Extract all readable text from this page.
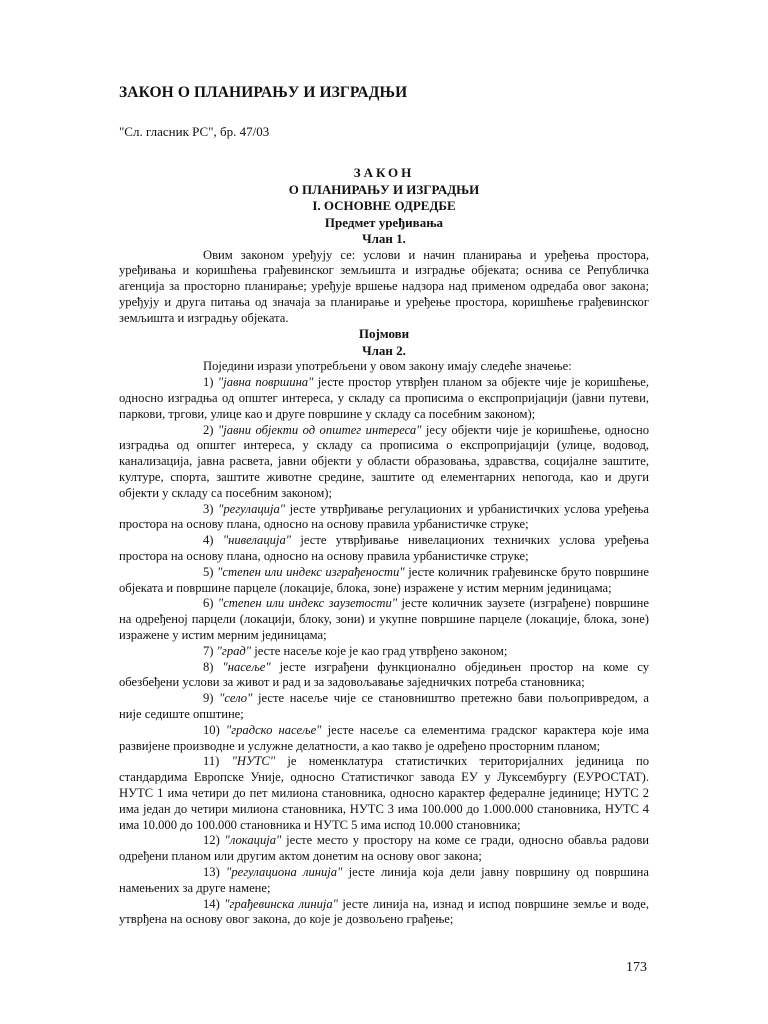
ЗАКОН О ПЛАНИРАЊУ И ИЗГРАДЊИ
"Сл. гласник РС", бр. 47/03
ЗАКОН
О ПЛАНИРАЊУ И ИЗГРАДЊИ
I. ОСНОВНЕ ОДРЕДБЕ
Предмет уређивања
Члан 1.

Овим законом уређују се: услови и начин планирања и уређења простора, уређивања и коришћења грађевинског земљишта и изградње објеката; оснива се Републичка агенција за просторно планирање; уређује вршење надзора над применом одредаба овог закона; уређују и друга питања од значаја за планирање и уређење простора, коришћење грађевинског земљишта и изградњу објеката.

Појмови
Члан 2.

Поједини изрази употребљени у овом закону имају следеће значење:

1) "јавна површина" јесте простор утврђен планом за објекте чије је коришћење, односно изградња од општег интереса, у складу са прописима о експропријацији (јавни путеви, паркови, тргови, улице као и друге површине у складу са посебним законом);

2) "јавни објекти од општег интереса" јесу објекти чије је коришћење, односно изградња од општег интереса, у складу са прописима о експропријацији (улице, водовод, канализација, јавна расвета, јавни објекти у области образовања, здравства, социјалне заштите, културе, спорта, заштите животне средине, заштите од елементарних непогода, као и други објекти у складу са посебним законом);

3) "регулација" јесте утврђивање регулационих и урбанистичких услова уређења простора на основу плана, односно на основу правила урбанистичке струке;

4) "нивелација" јесте утврђивање нивелационих техничких услова уређења простора на основу плана, односно на основу правила урбанистичке струке;

5) "степен или индекс изграђености" јесте количник грађевинске бруто површине објеката и површине парцеле (локације, блока, зоне) изражене у истим мерним јединицама;

6) "степен или индекс заузетости" јесте количник заузете (изграђене) површине на одређеној парцели (локацији, блоку, зони) и укупне површине парцеле (локације, блока, зоне) изражене у истим мерним јединицама;

7) "град" јесте насеље које је као град утврђено законом;

8) "насеље" јесте изграђени функционално обједињен простор на коме су обезбеђени услови за живот и рад и за задовољавање заједничких потреба становника;

9) "село" јесте насеље чије се становништво претежно бави пољопривредом, а није седиште општине;

10) "градско насеље" јесте насеље са елементима градског карактера које има развијене производне и услужне делатности, а као такво је одређено просторним планом;

11) "НУТС" је номенклатура статистичких територијалних јединица по стандардима Европске Уније, односно Статистичког завода ЕУ у Луксембургу (ЕУРОСТАТ). НУТС 1 има четири до пет милиона становника, односно карактер федералне јединице; НУТС 2 има један до четири милиона становника, НУТС 3 има 100.000 до 1.000.000 становника, НУТС 4 има 10.000 до 100.000 становника и НУТС 5 има испод 10.000 становника;

12) "локација" јесте место у простору на коме се гради, односно обавља радови одређени планом или другим актом донетим на основу овог закона;

13) "регулациона линија" јесте линија која дели јавну површину од површина намењених за друге намене;

14) "грађевинска линија" јесте линија на, изнад и испод површине земље и воде, утврђена на основу овог закона, до које је дозвољено грађење;

173
